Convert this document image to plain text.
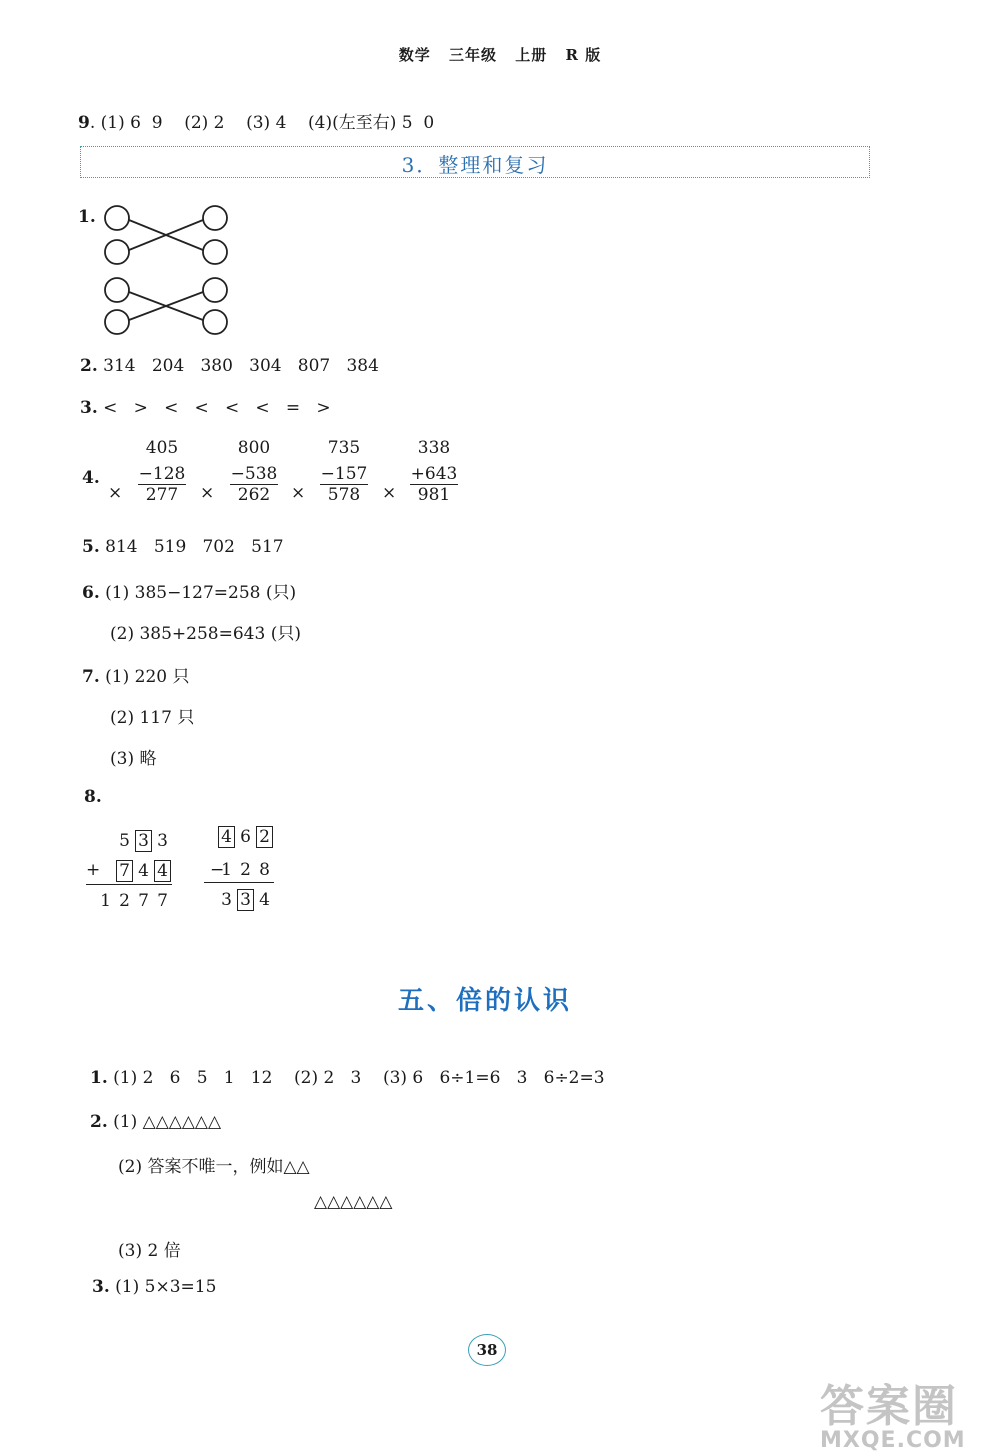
数学 三年级 上册 R 版
9. (1) 6  9    (2) 2    (3) 4    (4)(左至右) 5  0
3．整理和复习
1.
2. 314   204   380   304   807   384
3. <   >   <   <   <   <   =   >
4.
×
405
−128
277	×
800
−538
262	×
735
−157
578	×
338
+643
981
5. 814   519   702   517
6. (1) 385−127=258 (只)
(2) 385+258=643 (只)
7. (1) 220 只
(2) 117 只
(3) 略
8.
5 3 3
+ 7 4 4
1 2 7 7
4 6 2
−
1 2 8
3 3 4
五、倍的认识
1. (1) 2   6   5   1   12    (2) 2   3    (3) 6   6÷1=6   3   6÷2=3
2. (1) △△△△△△
(2) 答案不唯一，例如△△
△△△△△△
(3) 2 倍
3. (1) 5×3=15
38
答案圈
MXQE.COM
